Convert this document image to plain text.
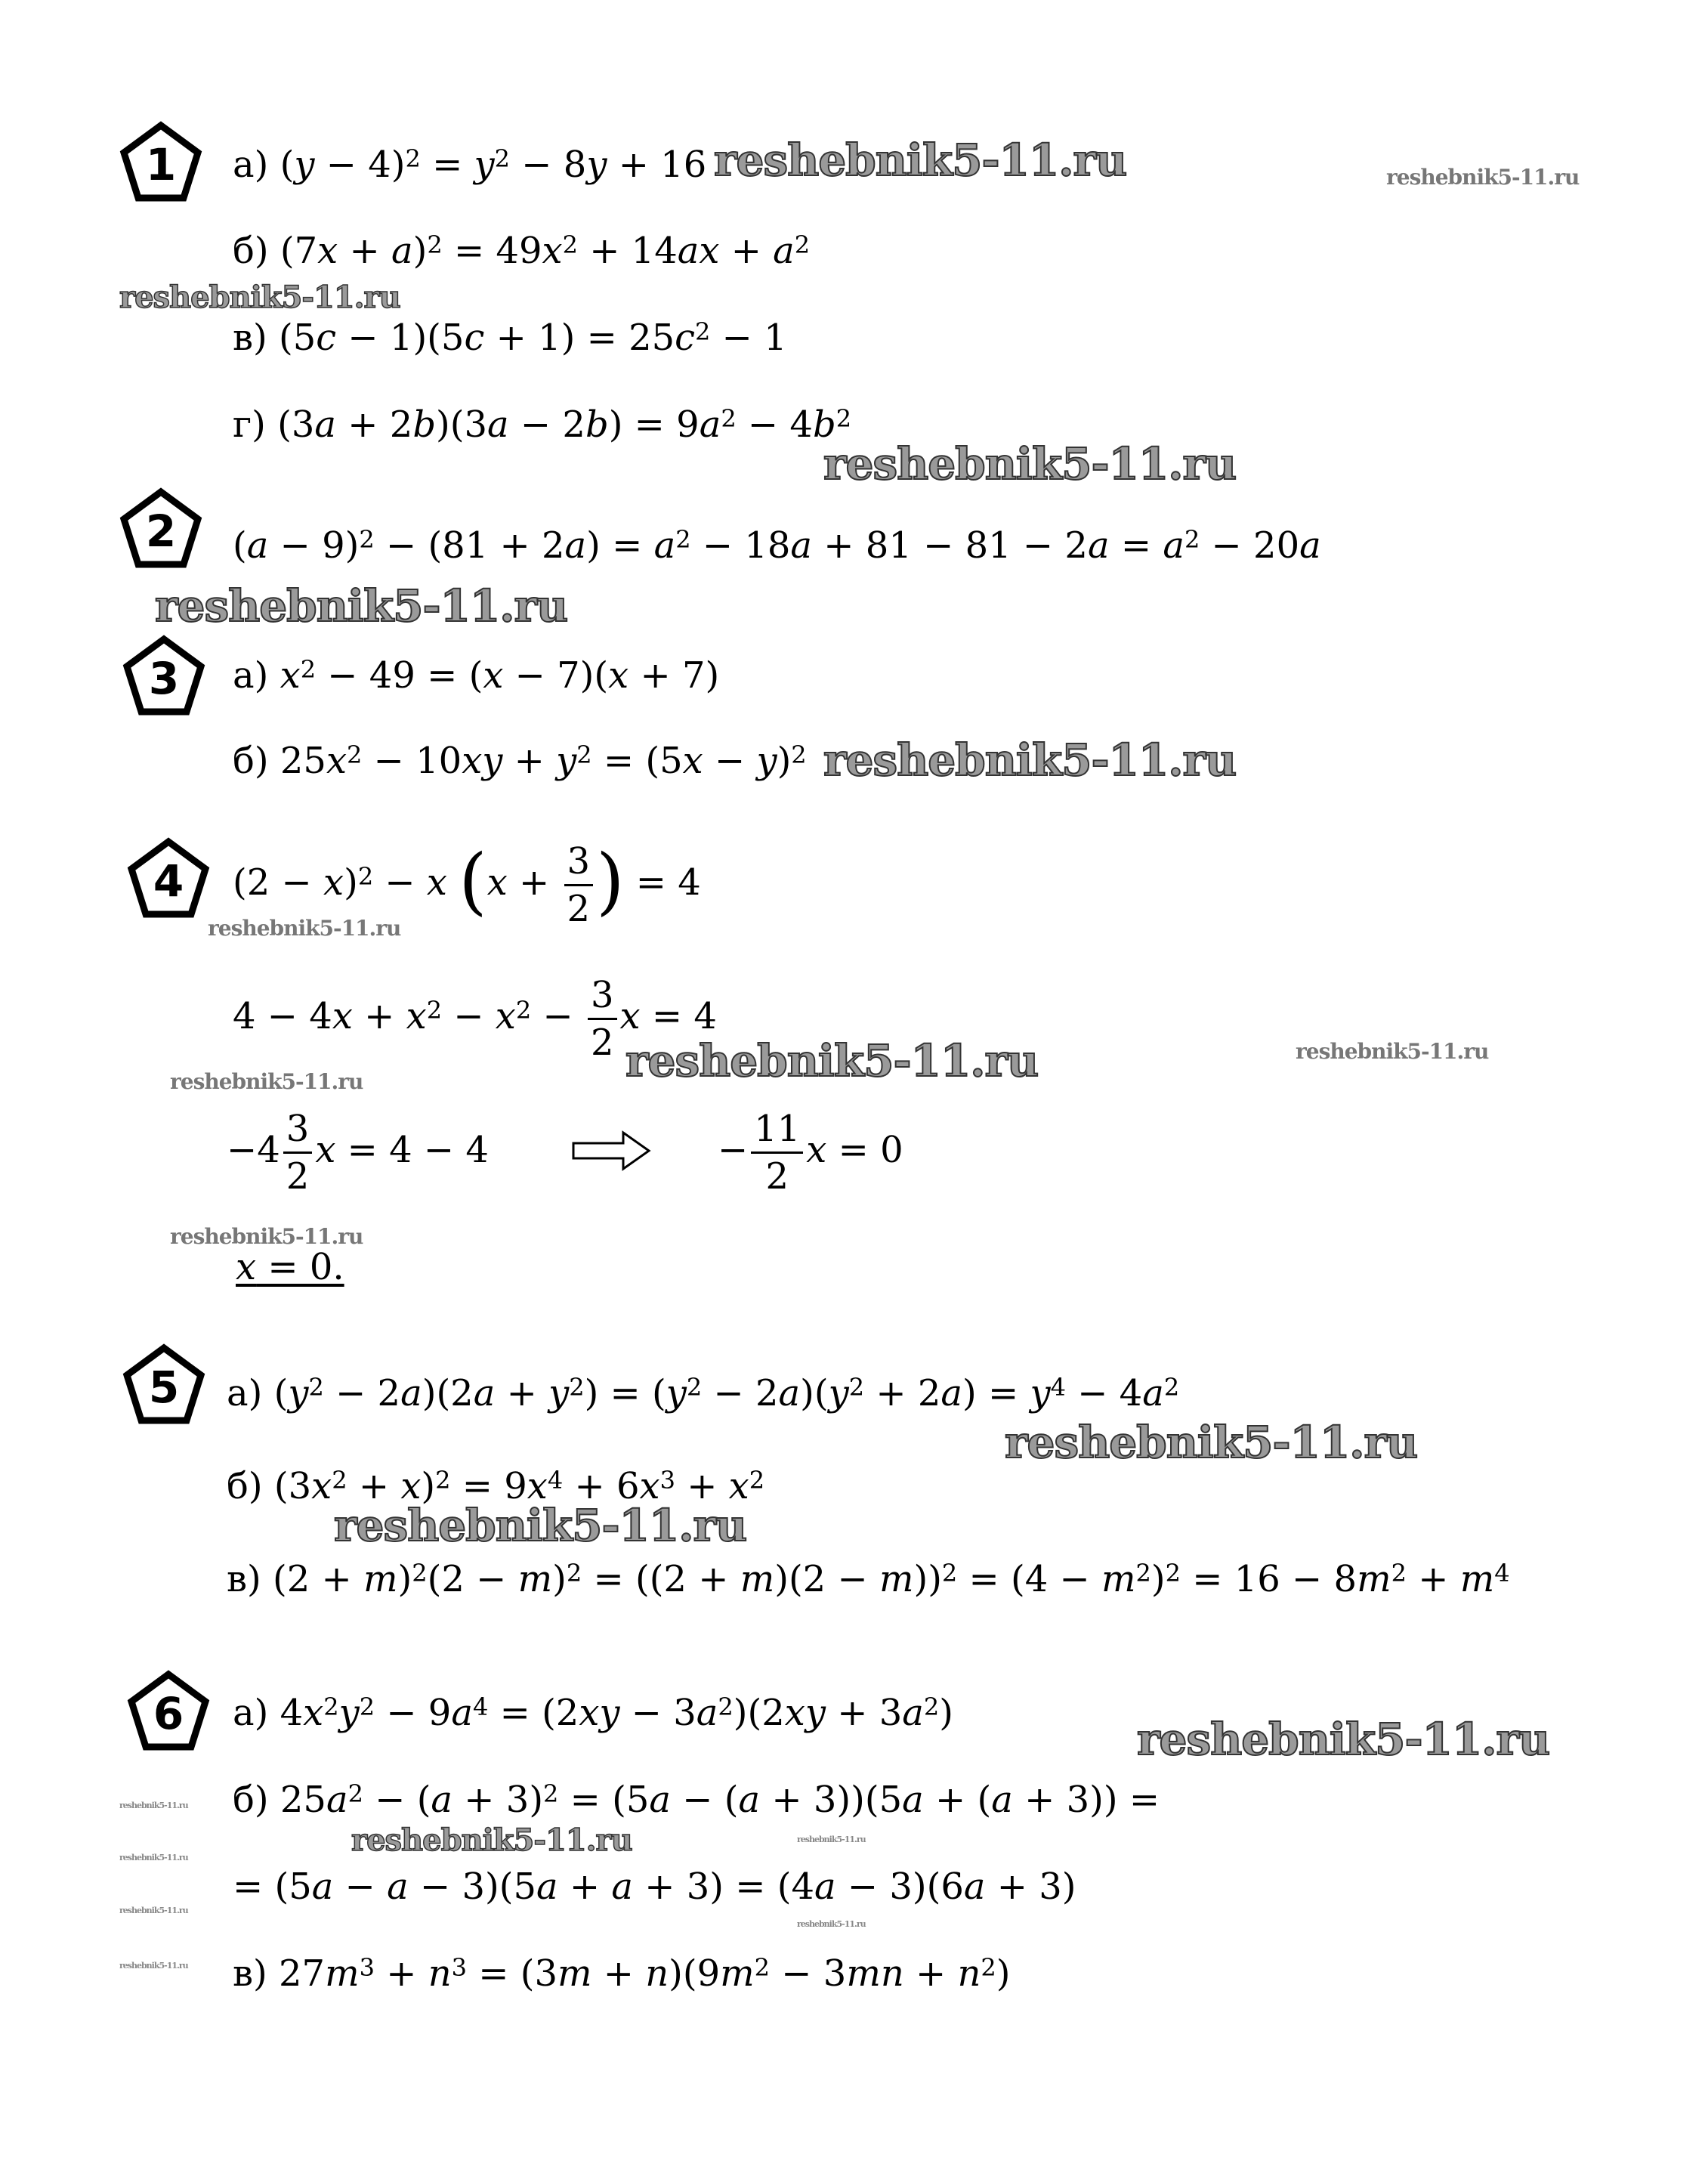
1
2
3
4
5
6
а) $(y - 4)^2 = y^2 - 8y + 16$
б) $(7x + a)^2 = 49x^2 + 14ax + a^2$
в) $(5c - 1)(5c + 1) = 25c^2 - 1$
г) $(3a + 2b)(3a - 2b) = 9a^2 - 4b^2$
$(a - 9)^2 - (81 + 2a) = a^2 - 18a + 81 - 81 - 2a = a^2 - 20a$
а) $x^2 - 49 = (x - 7)(x + 7)$
б) $25x^2 - 10xy + y^2 = (5x - y)^2$
$(2 - x)^2 - x$ ($x + \frac{3}{2}$ ) = 4
$4 - 4x + x^2 - x^2 - \frac{3}{2}$ x = 4
$-4 \frac{3}{2}$ x = 4 − 4	− $\frac{11}{2}$ x = 0
x = 0.
а) $(y^2 - 2a)(2a + y^2) = (y^2 - 2a)(y^2 + 2a) = y^4 - 4a^2$
б) $(3x^2 + x)^2 = 9x^4 + 6x^3 + x^2$
в) $(2 + m)^2(2 - m)^2 = ((2 + m)(2 - m))^2 = (4 - m^2)^2 = 16 - 8m^2 + m^4$
а) $4x^2y^2 - 9a^4 = (2xy - 3a^2)(2xy + 3a^2)$
б) $25a^2 - (a + 3)^2 = (5a - (a + 3))(5a + (a + 3))$ =
= (5a − a − 3)(5a + a + 3) = (4a − 3)(6a + 3)
в) $27m^3 + n^3 = (3m + n)(9m^2 - 3mn + n^2)$
reshebnik5-11.ru	reshebnik5-11.ru
reshebnik5-11.ru
reshebnik5-11.ru
reshebnik5-11.ru
reshebnik5-11.ru
reshebnik5-11.ru
reshebnik5-11.ru	reshebnik5-11.ru
reshebnik5-11.ru
reshebnik5-11.ru
reshebnik5-11.ru
reshebnik5-11.ru
reshebnik5-11.ru
reshebnik5-11.ru
reshebnik5-11.ru
reshebnik5-11.ru
reshebnik5-11.ru
reshebnik5-11.ru
reshebnik5-11.ru
reshebnik5-11.ru
